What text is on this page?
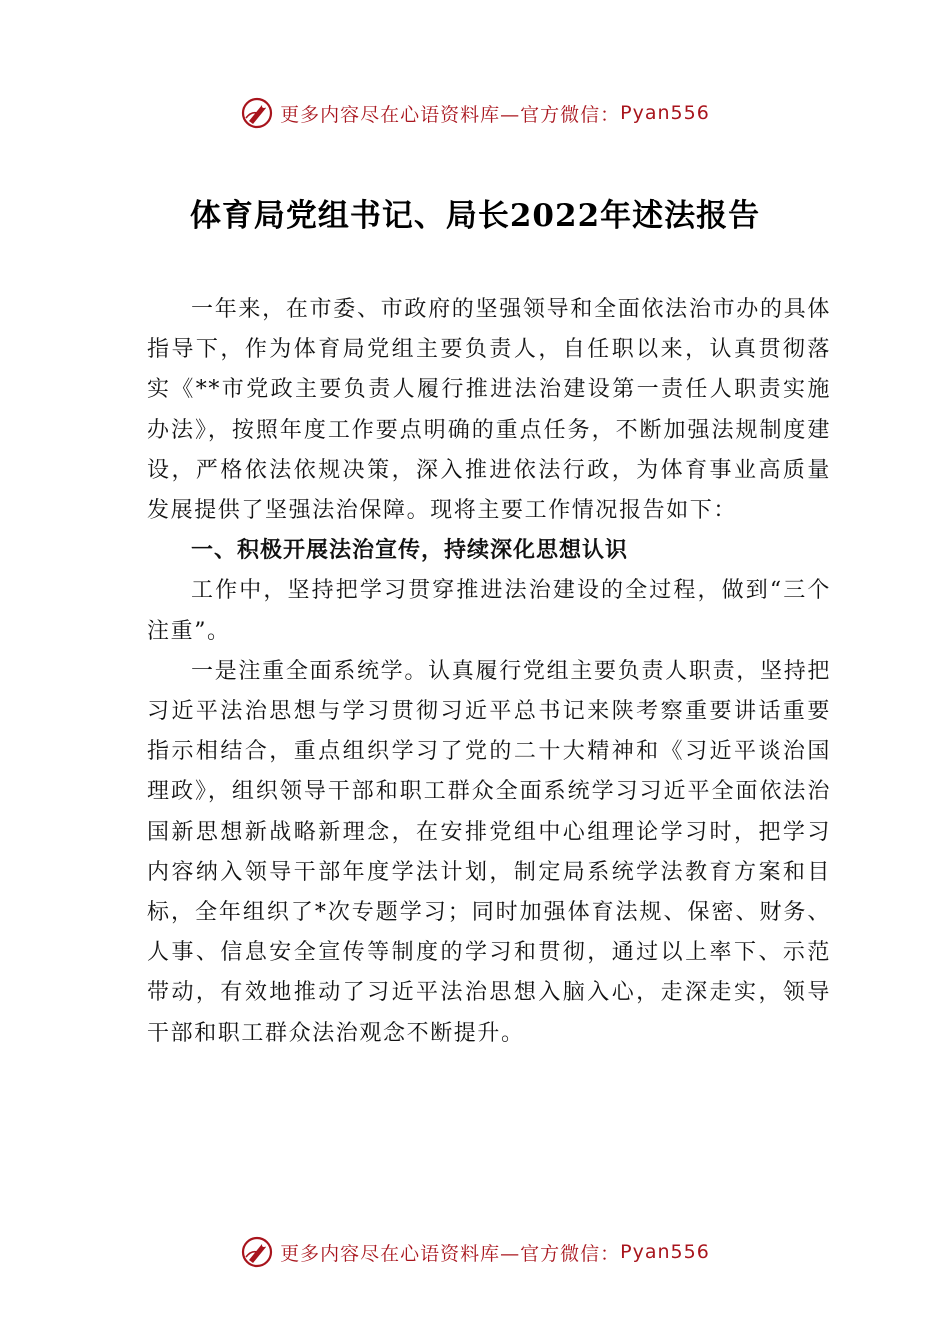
更多内容尽在心语资料库—官方微信： Pyan556
体育局党组书记、局长2022年述法报告

一年来，在市委、市政府的坚强领导和全面依法治市办的具体指导下，作为体育局党组主要负责人，自任职以来，认真贯彻落实《**市党政主要负责人履行推进法治建设第一责任人职责实施办法》，按照年度工作要点明确的重点任务，不断加强法规制度建设，严格依法依规决策，深入推进依法行政，为体育事业高质量发展提供了坚强法治保障。现将主要工作情况报告如下：

一、积极开展法治宣传，持续深化思想认识

工作中，坚持把学习贯穿推进法治建设的全过程，做到“三个注重”。

一是注重全面系统学。认真履行党组主要负责人职责，坚持把习近平法治思想与学习贯彻习近平总书记来陕考察重要讲话重要指示相结合，重点组织学习了党的二十大精神和《习近平谈治国理政》，组织领导干部和职工群众全面系统学习习近平全面依法治国新思想新战略新理念，在安排党组中心组理论学习时，把学习内容纳入领导干部年度学法计划，制定局系统学法教育方案和目标，全年组织了*次专题学习；同时加强体育法规、保密、财务、人事、信息安全宣传等制度的学习和贯彻，通过以上率下、示范带动，有效地推动了习近平法治思想入脑入心，走深走实，领导干部和职工群众法治观念不断提升。

更多内容尽在心语资料库—官方微信： Pyan556
